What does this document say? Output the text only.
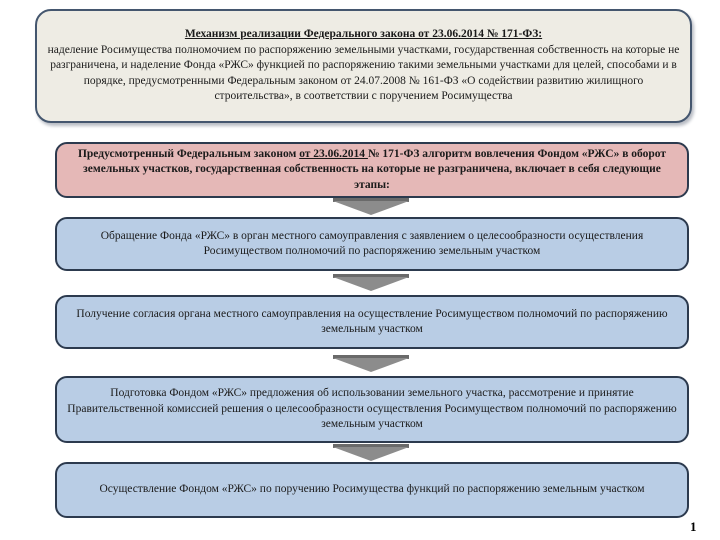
Механизм реализации Федерального закона от 23.06.2014 № 171-ФЗ:
наделение Росимущества полномочием по распоряжению земельными участками, государственная собственность на которые не разграничена, и наделение Фонда «РЖС» функцией по распоряжению такими земельными участками для целей, способами и в порядке, предусмотренными Федеральным законом от 24.07.2008 № 161-ФЗ «О содействии развитию жилищного строительства», в соответствии с поручением Росимущества
Предусмотренный Федеральным законом от 23.06.2014 № 171-ФЗ алгоритм вовлечения Фондом «РЖС» в оборот земельных участков, государственная собственность на которые не разграничена, включает в себя следующие этапы:
Обращение Фонда «РЖС» в орган местного самоуправления с заявлением о целесообразности осуществления Росимуществом полномочий по распоряжению земельным участком
Получение согласия органа местного самоуправления на осуществление Росимуществом полномочий по распоряжению земельным участком
Подготовка Фондом «РЖС» предложения об использовании земельного участка, рассмотрение и принятие Правительственной комиссией решения о целесообразности осуществления Росимуществом полномочий по распоряжению земельным участком
Осуществление Фондом «РЖС» по поручению Росимущества функций по распоряжению земельным участком
1
